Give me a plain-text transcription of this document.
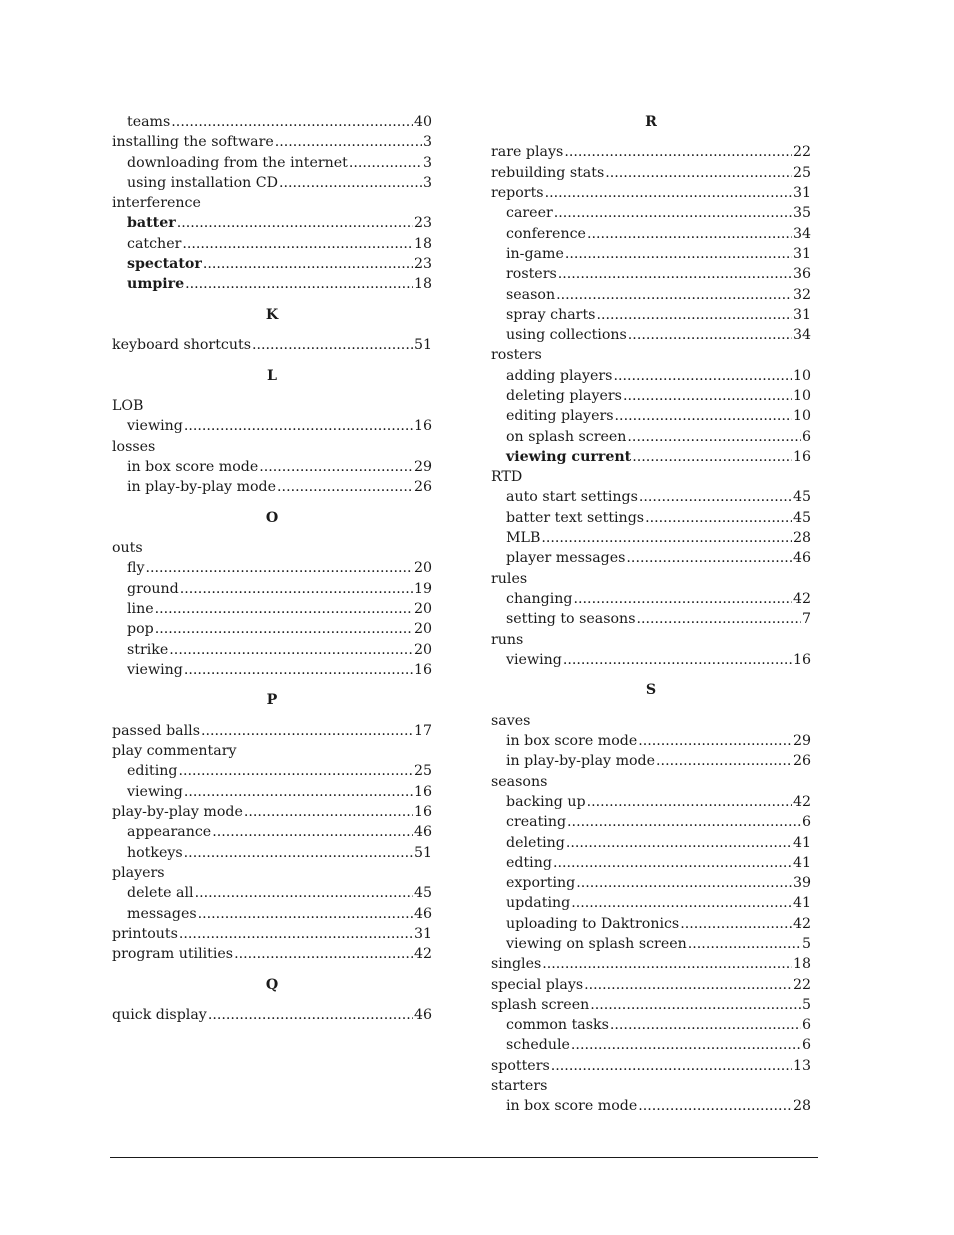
teams .....	40
installing the software .....	3
downloading from the internet .....	3
using installation CD .....	3
interference
batter .....	23
catcher .....	18
spectator .....	23
umpire .....	18
K
keyboard shortcuts .....	51
L
LOB
viewing .....	16
losses
in box score mode .....	29
in play-by-play mode .....	26
O
outs
fly .....	20
ground .....	19
line .....	20
pop .....	20
strike .....	20
viewing .....	16
P
passed balls .....	17
play commentary
editing .....	25
viewing .....	16
play-by-play mode .....	16
appearance .....	46
hotkeys .....	51
players
delete all .....	45
messages .....	46
printouts .....	31
program utilities .....	42
Q
quick display .....	46
R
rare plays .....	22
rebuilding stats .....	25
reports .....	31
career .....	35
conference .....	34
in-game .....	31
rosters .....	36
season .....	32
spray charts .....	31
using collections .....	34
rosters
adding players .....	10
deleting players .....	10
editing players .....	10
on splash screen .....	6
viewing current .....	16
RTD
auto start settings .....	45
batter text settings .....	45
MLB .....	28
player messages .....	46
rules
changing .....	42
setting to seasons .....	7
runs
viewing .....	16
S
saves
in box score mode .....	29
in play-by-play mode .....	26
seasons
backing up .....	42
creating .....	6
deleting .....	41
edting .....	41
exporting .....	39
updating .....	41
uploading to Daktronics .....	42
viewing on splash screen .....	5
singles .....	18
special plays .....	22
splash screen .....	5
common tasks .....	6
schedule .....	6
spotters .....	13
starters
in box score mode .....	28
